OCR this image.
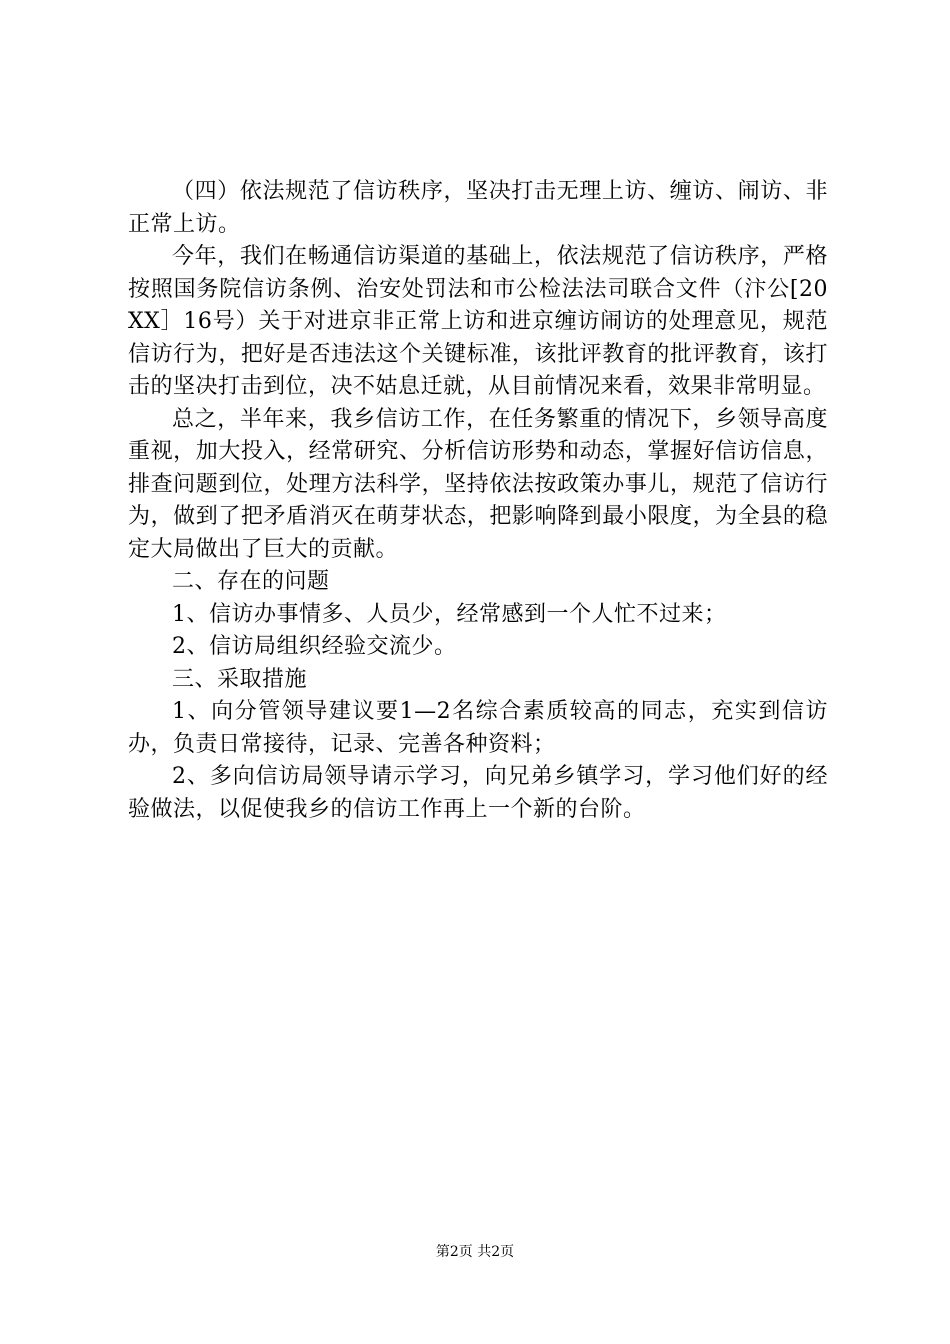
（四）依法规范了信访秩序，坚决打击无理上访、缠访、闹访、非正常上访。

今年，我们在畅通信访渠道的基础上，依法规范了信访秩序，严格按照国务院信访条例、治安处罚法和市公检法法司联合文件（汴公[20XX］16号）关于对进京非正常上访和进京缠访闹访的处理意见，规范信访行为，把好是否违法这个关键标准，该批评教育的批评教育，该打击的坚决打击到位，决不姑息迁就，从目前情况来看，效果非常明显。

总之，半年来，我乡信访工作，在任务繁重的情况下，乡领导高度重视，加大投入，经常研究、分析信访形势和动态，掌握好信访信息，排查问题到位，处理方法科学，坚持依法按政策办事儿，规范了信访行为，做到了把矛盾消灭在萌芽状态，把影响降到最小限度，为全县的稳定大局做出了巨大的贡献。

二、存在的问题

1、信访办事情多、人员少，经常感到一个人忙不过来；

2、信访局组织经验交流少。

三、采取措施

1、向分管领导建议要1—2名综合素质较高的同志，充实到信访办，负责日常接待，记录、完善各种资料；

2、多向信访局领导请示学习，向兄弟乡镇学习，学习他们好的经验做法，以促使我乡的信访工作再上一个新的台阶。

第2页 共2页
